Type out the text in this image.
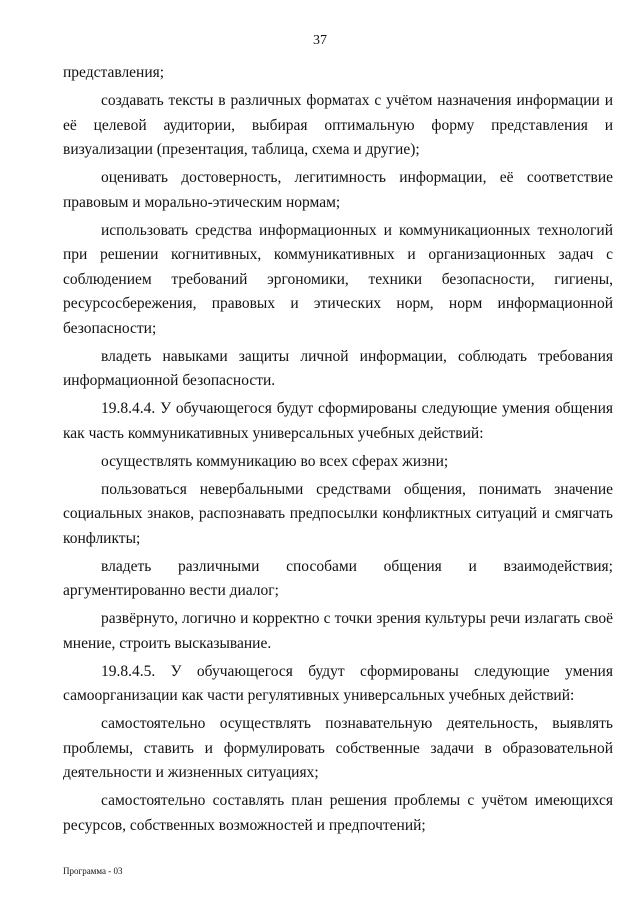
37

представления;

создавать тексты в различных форматах с учётом назначения информации и её целевой аудитории, выбирая оптимальную форму представления и визуализации (презентация, таблица, схема и другие);

оценивать достоверность, легитимность информации, её соответствие правовым и морально-этическим нормам;

использовать средства информационных и коммуникационных технологий при решении когнитивных, коммуникативных и организационных задач с соблюдением требований эргономики, техники безопасности, гигиены, ресурсосбережения, правовых и этических норм, норм информационной безопасности;

владеть навыками защиты личной информации, соблюдать требования информационной безопасности.

19.8.4.4. У обучающегося будут сформированы следующие умения общения как часть коммуникативных универсальных учебных действий:

осуществлять коммуникацию во всех сферах жизни;

пользоваться невербальными средствами общения, понимать значение социальных знаков, распознавать предпосылки конфликтных ситуаций и смягчать конфликты;

владеть различными способами общения и взаимодействия; аргументированно вести диалог;

развёрнуто, логично и корректно с точки зрения культуры речи излагать своё мнение, строить высказывание.

19.8.4.5. У обучающегося будут сформированы следующие умения самоорганизации как части регулятивных универсальных учебных действий:

самостоятельно осуществлять познавательную деятельность, выявлять проблемы, ставить и формулировать собственные задачи в образовательной деятельности и жизненных ситуациях;

самостоятельно составлять план решения проблемы с учётом имеющихся ресурсов, собственных возможностей и предпочтений;

Программа - 03
